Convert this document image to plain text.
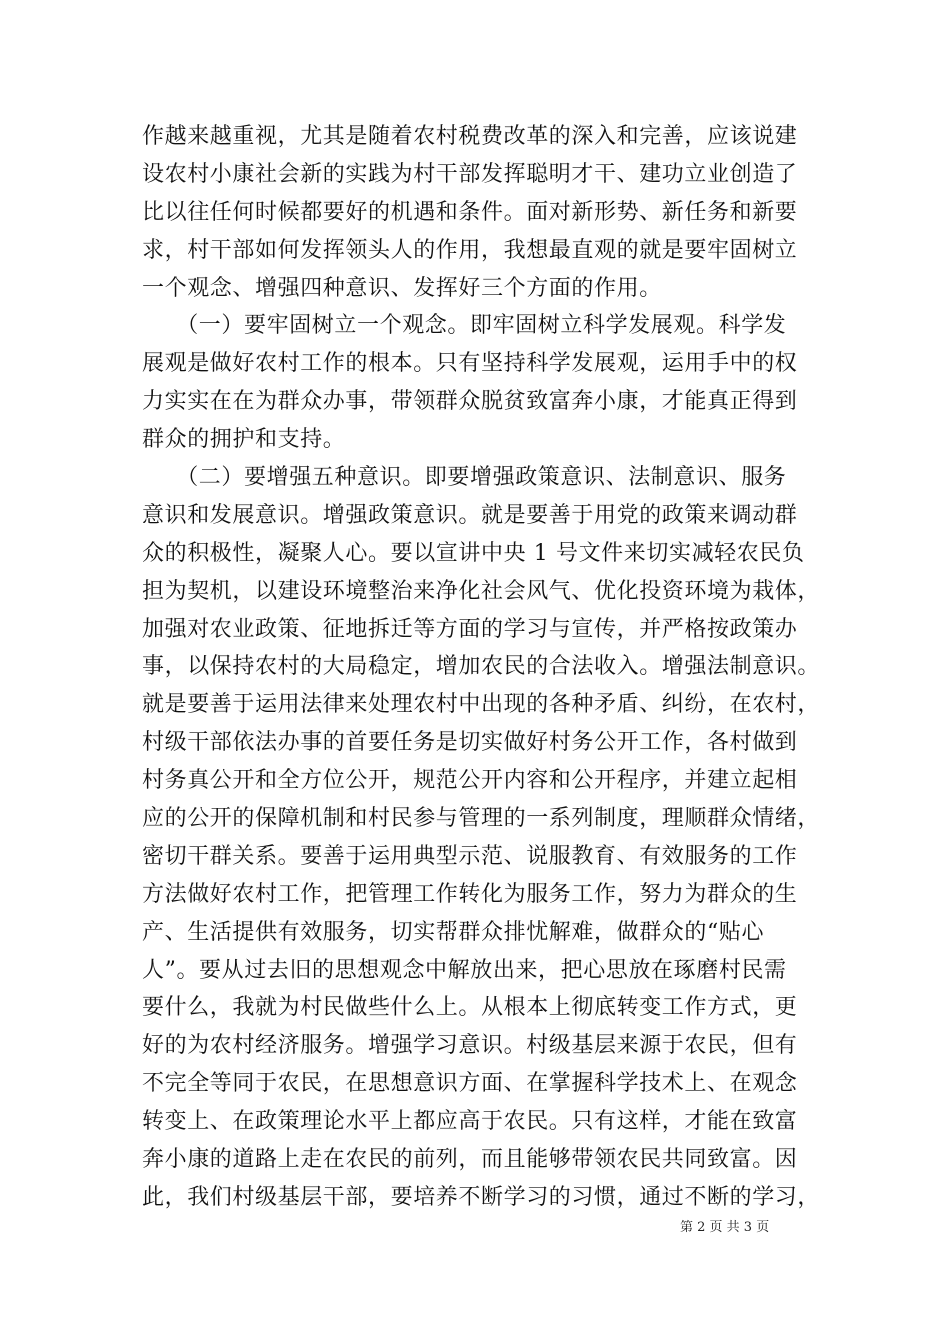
作越来越重视，尤其是随着农村税费改革的深入和完善，应该说建
设农村小康社会新的实践为村干部发挥聪明才干、建功立业创造了
比以往任何时候都要好的机遇和条件。面对新形势、新任务和新要
求，村干部如何发挥领头人的作用，我想最直观的就是要牢固树立
一个观念、增强四种意识、发挥好三个方面的作用。
　　（一）要牢固树立一个观念。即牢固树立科学发展观。科学发
展观是做好农村工作的根本。只有坚持科学发展观，运用手中的权
力实实在在为群众办事，带领群众脱贫致富奔小康，才能真正得到
群众的拥护和支持。
　　（二）要增强五种意识。即要增强政策意识、法制意识、服务
意识和发展意识。增强政策意识。就是要善于用党的政策来调动群
众的积极性，凝聚人心。要以宣讲中央 1 号文件来切实减轻农民负
担为契机，以建设环境整治来净化社会风气、优化投资环境为栽体，
加强对农业政策、征地拆迁等方面的学习与宣传，并严格按政策办
事，以保持农村的大局稳定，增加农民的合法收入。增强法制意识。
就是要善于运用法律来处理农村中出现的各种矛盾、纠纷，在农村，
村级干部依法办事的首要任务是切实做好村务公开工作，各村做到
村务真公开和全方位公开，规范公开内容和公开程序，并建立起相
应的公开的保障机制和村民参与管理的一系列制度，理顺群众情绪，
密切干群关系。要善于运用典型示范、说服教育、有效服务的工作
方法做好农村工作，把管理工作转化为服务工作，努力为群众的生
产、生活提供有效服务，切实帮群众排忧解难，做群众的“贴心
人”。要从过去旧的思想观念中解放出来，把心思放在琢磨村民需
要什么，我就为村民做些什么上。从根本上彻底转变工作方式，更
好的为农村经济服务。增强学习意识。村级基层来源于农民，但有
不完全等同于农民，在思想意识方面、在掌握科学技术上、在观念
转变上、在政策理论水平上都应高于农民。只有这样，才能在致富
奔小康的道路上走在农民的前列，而且能够带领农民共同致富。因
此，我们村级基层干部，要培养不断学习的习惯，通过不断的学习，
第 2 页 共 3 页
